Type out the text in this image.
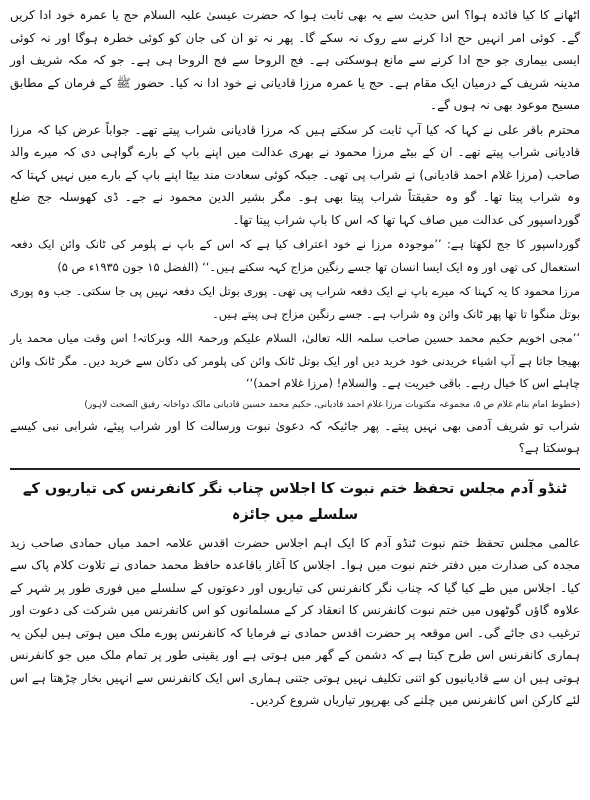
اٹھانے کا کیا فائدہ ہوا؟ اس حدیث سے یہ بھی ثابت ہوا کہ حضرت عیسیٰ علیہ السلام حج یا عمرہ خود ادا کریں گے۔ کوئی امر انہیں حج ادا کرنے سے روک نہ سکے گا۔ پھر نہ تو ان کی جان کو کوئی خطرہ ہوگا اور نہ کوئی ایسی بیماری جو حج ادا کرنے سے مانع ہوسکتی ہے۔ فج الروحا سے فج الروحا ہی ہے۔ جو کہ مکہ شریف اور مدینہ شریف کے درمیان ایک مقام ہے۔ حج یا عمرہ مرزا قادیانی نے خود ادا نہ کیا۔ حضور ﷺ کے فرمان کے مطابق مسیح موعود بھی نہ ہوں گے۔

محترم باقر علی نے کہا کہ کیا آپ ثابت کر سکتے ہیں کہ مرزا قادیانی شراب پیتے تھے۔ جواباً عرض کیا کہ مرزا قادیانی شراب پیتے تھے۔ ان کے بیٹے مرزا محمود نے بھری عدالت میں اپنے باپ کے بارے گواہی دی کہ میرے والد صاحب (مرزا غلام احمد قادیانی) نے شراب پی تھی۔ جبکہ کوئی سعادت مند بیٹا اپنے باپ کے بارے میں نہیں کہتا کہ وہ شراب پیتا تھا۔ گو وہ حقیقتاً شراب پیتا بھی ہو۔ مگر بشیر الدین محمود نے جے۔ ڈی کھوسلہ جج ضلع گورداسپور کی عدالت میں صاف کہا تھا کہ اس کا باپ شراب پیتا تھا۔

گورداسپور کا جج لکھتا ہے: ’’موجودہ مرزا نے خود اعتراف کیا ہے کہ اس کے باپ نے پلومر کی ٹانک وائن ایک دفعہ استعمال کی تھی اور وہ ایک ایسا انسان تھا جسے رنگین مزاج کہہ سکتے ہیں۔‘‘ (الفضل ۱۵ جون ۱۹۳۵ء ص ۵)

مرزا محمود کا یہ کہنا کہ میرے باپ نے ایک دفعہ شراب پی تھی۔ پوری بوتل ایک دفعہ نہیں پی جا سکتی۔ جب وہ پوری بوتل منگوا تا تھا پھر ٹانک وائن وہ شراب ہے۔ جسے رنگین مزاج ہی پیتے ہیں۔

’’مجی اخویم حکیم محمد حسین صاحب سلمہ اللہ تعالیٰ، السلام علیکم ورحمۃ اللہ وبرکاتہ! اس وقت میاں محمد یار بھیجا جاتا ہے آپ اشیاء خریدنی خود خرید دیں اور ایک بوتل ٹانک وائن کی پلومر کی دکان سے خرید دیں۔ مگر ٹانک وائن چاہئے اس کا خیال رہے۔ باقی خیریت ہے۔ والسلام! (مرزا غلام احمد)‘‘

(خطوط امام بنام غلام ص ۵، مجموعہ مکتوبات مرزا غلام احمد قادیانی، حکیم محمد حسین قادیانی مالک دواخانہ رفیق الصحت لاہور)

شراب تو شریف آدمی بھی نہیں پیتے۔ پھر جائیکہ کہ دعویٰ نبوت ورسالت کا اور شراب پیئے، شرابی نبی کیسے ہوسکتا ہے؟

ٹنڈو آدم مجلس تحفظ ختم نبوت کا اجلاس چناب نگر کانفرنس کی تیاریوں کے سلسلے میں جائزہ

عالمی مجلس تحفظ ختم نبوت ٹنڈو آدم کا ایک اہم اجلاس حضرت اقدس علامہ احمد میاں حمادی صاحب زید مجدہ کی صدارت میں دفتر ختم نبوت میں ہوا۔ اجلاس کا آغاز باقاعدہ حافظ محمد حمادی نے تلاوت کلام پاک سے کیا۔ اجلاس میں طے کیا گیا کہ چناب نگر کانفرنس کی تیاریوں اور دعوتوں کے سلسلے میں فوری طور پر شہر کے علاوہ گاؤں گوٹھوں میں ختم نبوت کانفرنس کا انعقاد کر کے مسلمانوں کو اس کانفرنس میں شرکت کی دعوت اور ترغیب دی جائے گی۔ اس موقعہ پر حضرت اقدس حمادی نے فرمایا کہ کانفرنس پورے ملک میں ہوتی ہیں لیکن یہ ہماری کانفرنس اس طرح کیتا ہے کہ دشمن کے گھر میں ہوتی ہے اور یقینی طور پر تمام ملک میں جو کانفرنس ہوتی ہیں ان سے قادیانیوں کو اتنی تکلیف نہیں ہوتی جتنی ہماری اس ایک کانفرنس سے انہیں بخار چڑھتا ہے اس لئے کارکن اس کانفرنس میں چلنے کی بھرپور تیاریاں شروع کردیں۔
